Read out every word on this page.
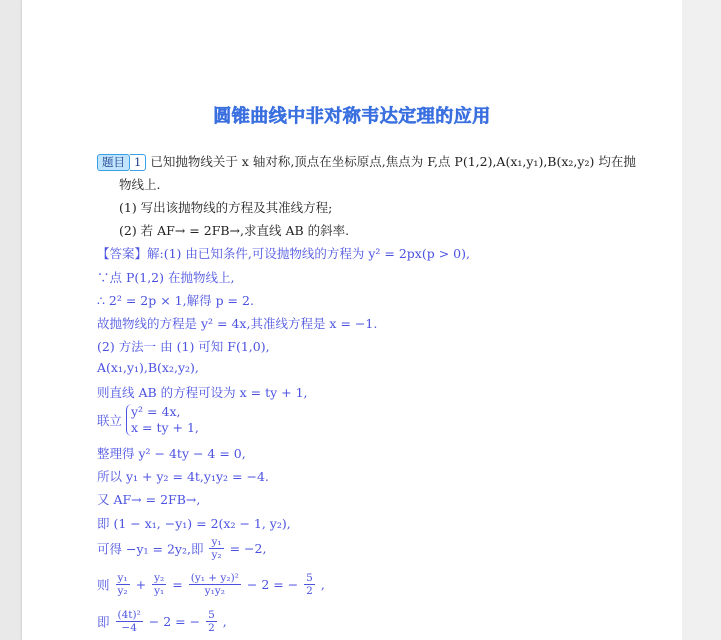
圆锥曲线中非对称韦达定理的应用
题目 1 已知抛物线关于 x 轴对称,顶点在坐标原点,焦点为 F,点 P(1,2),A(x₁,y₁),B(x₂,y₂) 均在抛
物线上.
(1) 写出该抛物线的方程及其准线方程;
(2) 若 AF→ = 2FB→,求直线 AB 的斜率.
【答案】解:(1) 由已知条件,可设抛物线的方程为 y² = 2px(p > 0),
∵点 P(1,2) 在抛物线上,
∴ 2² = 2p × 1,解得 p = 2.
故抛物线的方程是 y² = 4x,其准线方程是 x = −1.
(2) 方法一 由 (1) 可知 F(1,0),
A(x₁,y₁),B(x₂,y₂),
则直线 AB 的方程可设为 x = ty + 1,
联立
y² = 4x,
x = ty + 1,
整理得 y² − 4ty − 4 = 0,
所以 y₁ + y₂ = 4t,y₁y₂ = −4.
又 AF→ = 2FB→,
即 (1 − x₁, −y₁) = 2(x₂ − 1, y₂),
可得 −y₁ = 2y₂,即 $\frac{\text{y₁}}{\text{y₂}} = -2$,
则 $\frac{\text{y₁}}{\text{y₂}} + \frac{\text{y₂}}{\text{y₁}} = \frac{\text{(y₁ + y₂)²}}{\text{y₁y₂}} - 2$ = − $\frac{5}{2}$ ,
即 $\frac{\text{(4t)²}}{-4} - 2$ = − $\frac{5}{2}$ ,
